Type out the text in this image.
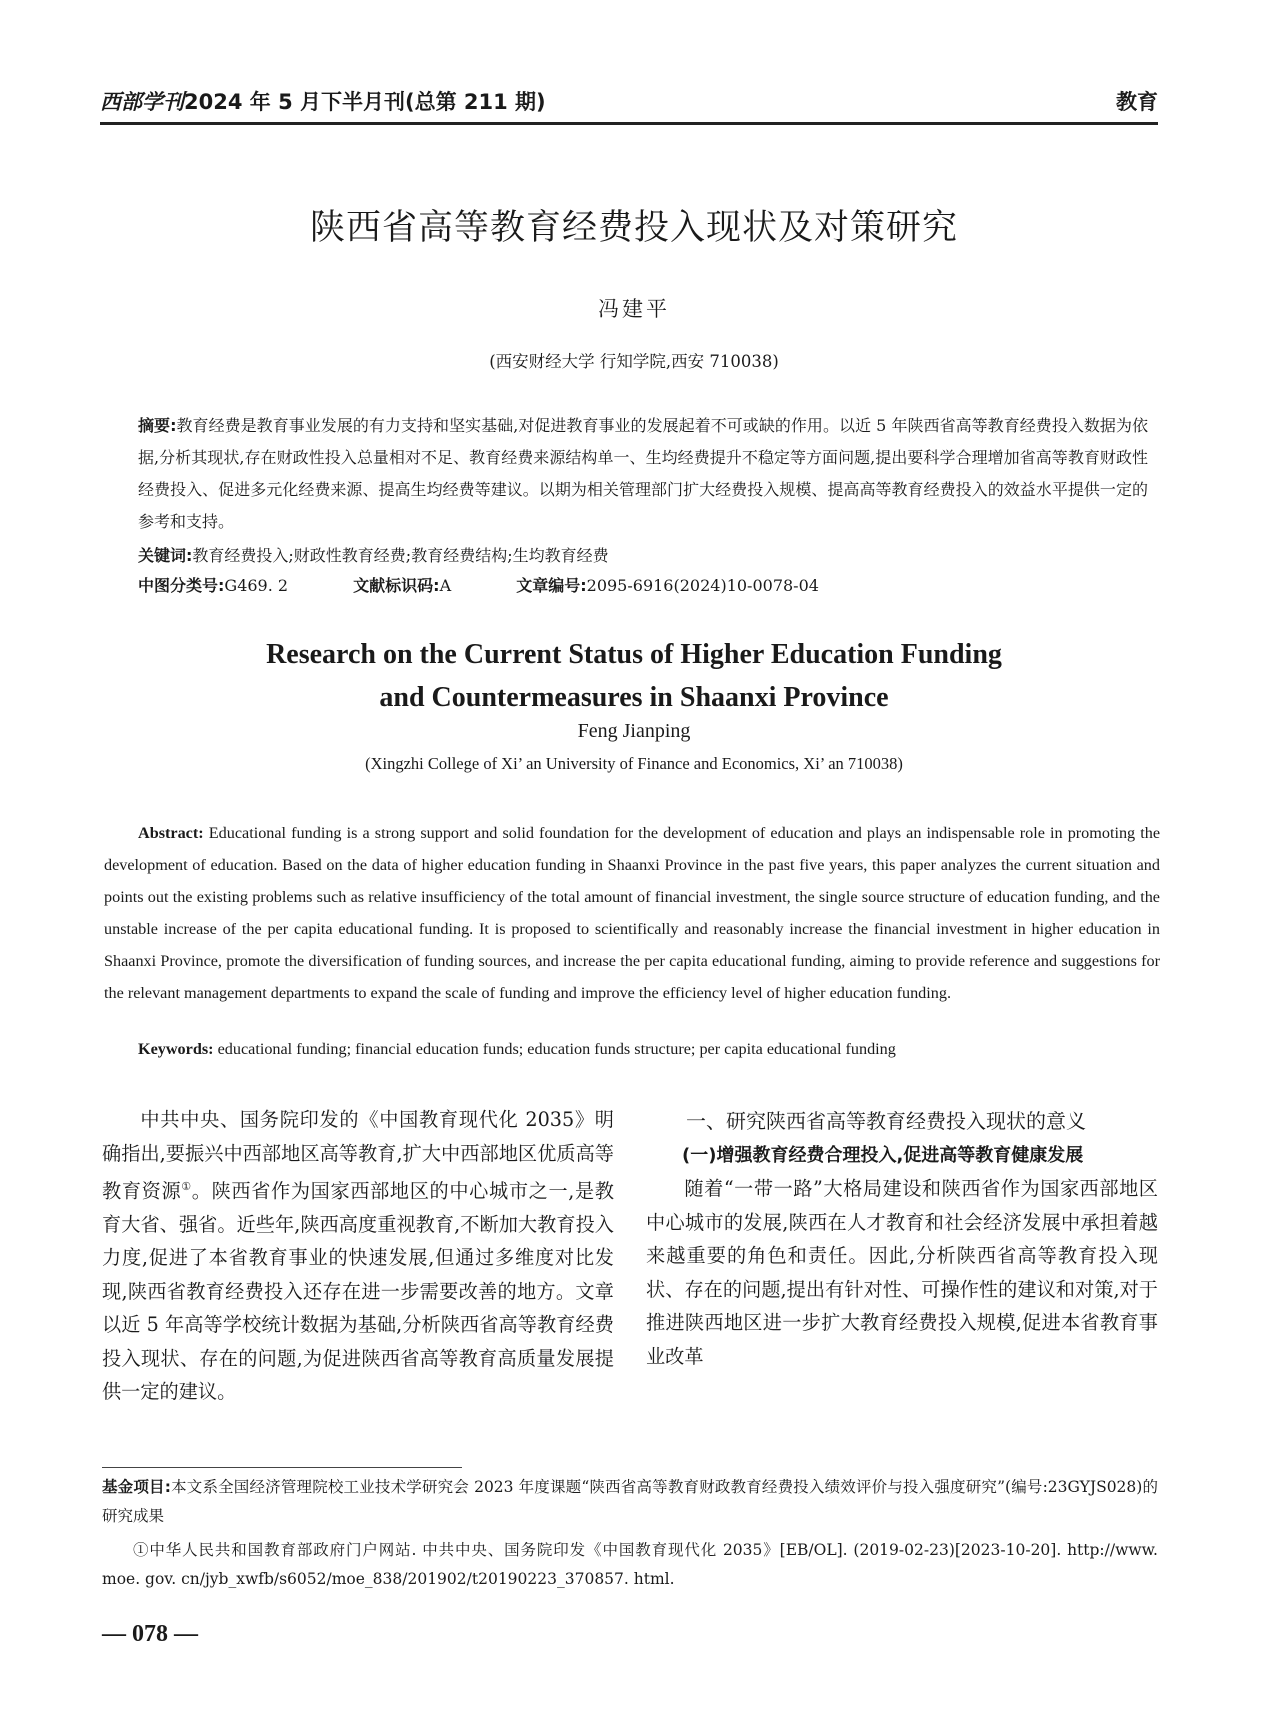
西部学刊2024 年 5 月下半月刊(总第 211 期)	教育
陕西省高等教育经费投入现状及对策研究
冯建平
(西安财经大学 行知学院,西安 710038)
摘要:教育经费是教育事业发展的有力支持和坚实基础,对促进教育事业的发展起着不可或缺的作用。以近 5 年陕西省高等教育经费投入数据为依据,分析其现状,存在财政性投入总量相对不足、教育经费来源结构单一、生均经费提升不稳定等方面问题,提出要科学合理增加省高等教育财政性经费投入、促进多元化经费来源、提高生均经费等建议。以期为相关管理部门扩大经费投入规模、提高高等教育经费投入的效益水平提供一定的参考和支持。
关键词:教育经费投入;财政性教育经费;教育经费结构;生均教育经费
中图分类号:G469. 2	文献标识码:A	文章编号:2095-6916(2024)10-0078-04
Research on the Current Status of Higher Education Funding
and Countermeasures in Shaanxi Province
Feng Jianping
(Xingzhi College of Xi’ an University of Finance and Economics, Xi’ an 710038)
Abstract: Educational funding is a strong support and solid foundation for the development of education and plays an indispensable role in promoting the development of education. Based on the data of higher education funding in Shaanxi Province in the past five years, this paper analyzes the current situation and points out the existing problems such as relative insufficiency of the total amount of financial investment, the single source structure of education funding, and the unstable increase of the per capita educational funding. It is proposed to scientifically and reasonably increase the financial investment in higher education in Shaanxi Province, promote the diversification of funding sources, and increase the per capita educational funding, aiming to provide reference and suggestions for the relevant management departments to expand the scale of funding and improve the efficiency level of higher education funding.
Keywords: educational funding; financial education funds; education funds structure; per capita educational funding
中共中央、国务院印发的《中国教育现代化 2035》明确指出,要振兴中西部地区高等教育,扩大中西部地区优质高等教育资源①。陕西省作为国家西部地区的中心城市之一,是教育大省、强省。近些年,陕西高度重视教育,不断加大教育投入力度,促进了本省教育事业的快速发展,但通过多维度对比发现,陕西省教育经费投入还存在进一步需要改善的地方。文章以近 5 年高等学校统计数据为基础,分析陕西省高等教育经费投入现状、存在的问题,为促进陕西省高等教育高质量发展提供一定的建议。
一、研究陕西省高等教育经费投入现状的意义
(一)增强教育经费合理投入,促进高等教育健康发展
随着“一带一路”大格局建设和陕西省作为国家西部地区中心城市的发展,陕西在人才教育和社会经济发展中承担着越来越重要的角色和责任。因此,分析陕西省高等教育投入现状、存在的问题,提出有针对性、可操作性的建议和对策,对于推进陕西地区进一步扩大教育经费投入规模,促进本省教育事业改革
基金项目:本文系全国经济管理院校工业技术学研究会 2023 年度课题“陕西省高等教育财政教育经费投入绩效评价与投入强度研究”(编号:23GYJS028)的研究成果
①中华人民共和国教育部政府门户网站. 中共中央、国务院印发《中国教育现代化 2035》[EB/OL]. (2019-02-23)[2023-10-20]. http://www. moe. gov. cn/jyb_xwfb/s6052/moe_838/201902/t20190223_370857. html.
— 078 —
